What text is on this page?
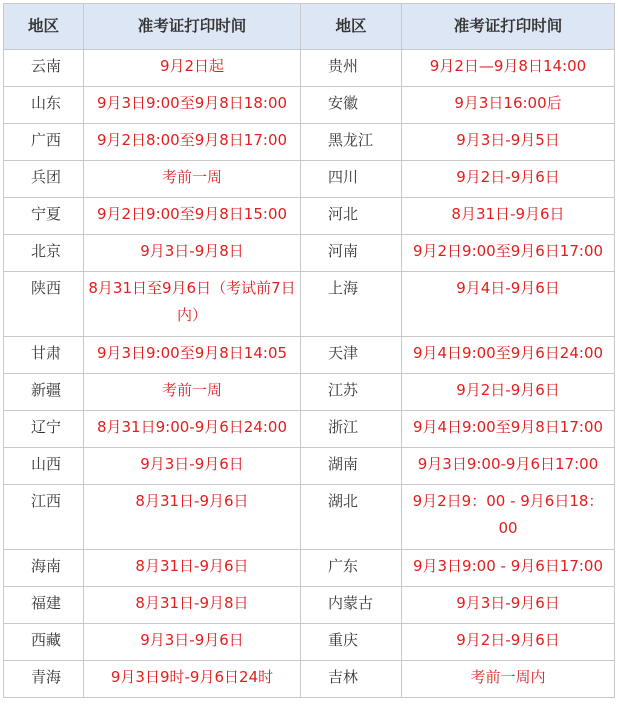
地区	准考证打印时间	地区	准考证打印时间
云南	9月2日起	贵州	9月2日—9月8日14:00
山东	9月3日9:00至9月8日18:00	安徽	9月3日16:00后
广西	9月2日8:00至9月8日17:00	黑龙江	9月3日-9月5日
兵团	考前一周	四川	9月2日-9月6日
宁夏	9月2日9:00至9月8日15:00	河北	8月31日-9月6日
北京	9月3日-9月8日	河南	9月2日9:00至9月6日17:00
陕西	8月31日至9月6日（考试前7日内）	上海	9月4日-9月6日
甘肃	9月3日9:00至9月8日14:05	天津	9月4日9:00至9月6日24:00
新疆	考前一周	江苏	9月2日-9月6日
辽宁	8月31日9:00-9月6日24:00	浙江	9月4日9:00至9月8日17:00
山西	9月3日-9月6日	湖南	9月3日9:00-9月6日17:00
江西	8月31日-9月6日	湖北	9月2日9：00 - 9月6日18：00
海南	8月31日-9月6日	广东	9月3日9:00 - 9月6日17:00
福建	8月31日-9月8日	内蒙古	9月3日-9月6日
西藏	9月3日-9月6日	重庆	9月2日-9月6日
青海	9月3日9时-9月6日24时	吉林	考前一周内
